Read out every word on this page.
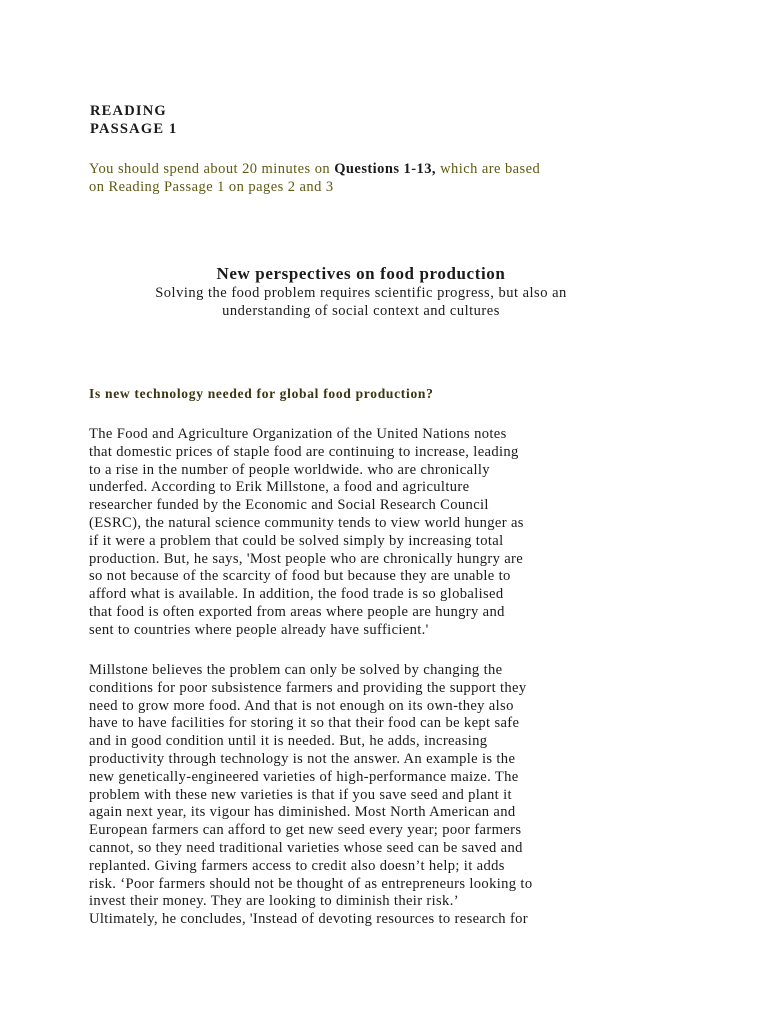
READING
PASSAGE 1
You should spend about 20 minutes on Questions 1-13, which are based
on Reading Passage 1 on pages 2 and 3
New perspectives on food production
Solving the food problem requires scientific progress, but also an
understanding of social context and cultures
Is new technology needed for global food production?
The Food and Agriculture Organization of the United Nations notes
that domestic prices of staple food are continuing to increase, leading
to a rise in the number of people worldwide. who are chronically
underfed. According to Erik Millstone, a food and agriculture
researcher funded by the Economic and Social Research Council
(ESRC), the natural science community tends to view world hunger as
if it were a problem that could be solved simply by increasing total
production. But, he says, 'Most people who are chronically hungry are
so not because of the scarcity of food but because they are unable to
afford what is available. In addition, the food trade is so globalised
that food is often exported from areas where people are hungry and
sent to countries where people already have sufficient.'
Millstone believes the problem can only be solved by changing the
conditions for poor subsistence farmers and providing the support they
need to grow more food. And that is not enough on its own-they also
have to have facilities for storing it so that their food can be kept safe
and in good condition until it is needed. But, he adds, increasing
productivity through technology is not the answer. An example is the
new genetically-engineered varieties of high-performance maize. The
problem with these new varieties is that if you save seed and plant it
again next year, its vigour has diminished. Most North American and
European farmers can afford to get new seed every year; poor farmers
cannot, so they need traditional varieties whose seed can be saved and
replanted. Giving farmers access to credit also doesn’t help; it adds
risk. ‘Poor farmers should not be thought of as entrepreneurs looking to
invest their money. They are looking to diminish their risk.’
Ultimately, he concludes, 'Instead of devoting resources to research for
